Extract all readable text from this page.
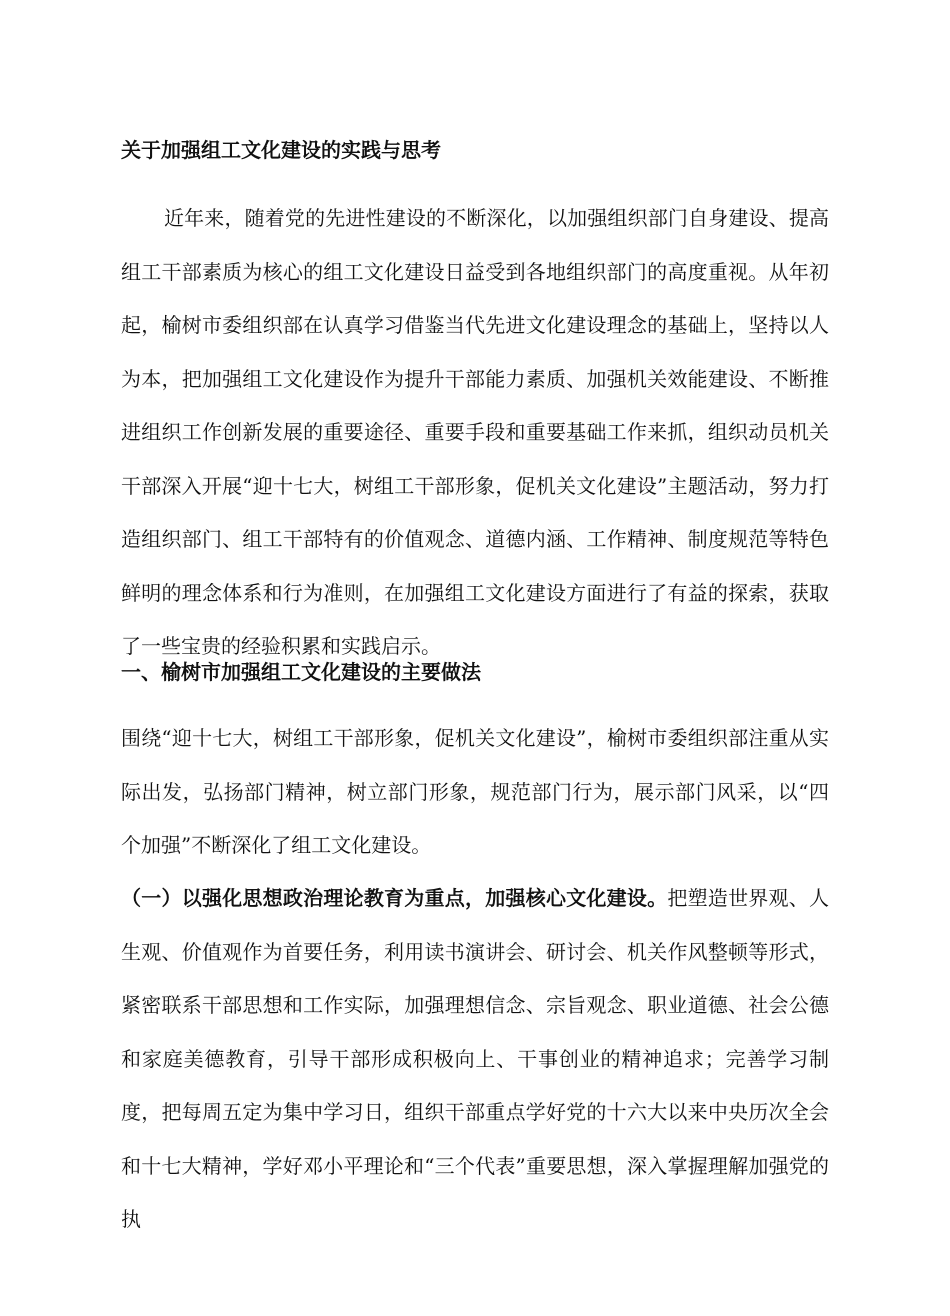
关于加强组工文化建设的实践与思考

近年来，随着党的先进性建设的不断深化，以加强组织部门自身建设、提高组工干部素质为核心的组工文化建设日益受到各地组织部门的高度重视。从年初起，榆树市委组织部在认真学习借鉴当代先进文化建设理念的基础上，坚持以人为本，把加强组工文化建设作为提升干部能力素质、加强机关效能建设、不断推进组织工作创新发展的重要途径、重要手段和重要基础工作来抓，组织动员机关干部深入开展“迎十七大，树组工干部形象，促机关文化建设”主题活动，努力打造组织部门、组工干部特有的价值观念、道德内涵、工作精神、制度规范等特色鲜明的理念体系和行为准则，在加强组工文化建设方面进行了有益的探索，获取了一些宝贵的经验积累和实践启示。

一、榆树市加强组工文化建设的主要做法

围绕“迎十七大，树组工干部形象，促机关文化建设”，榆树市委组织部注重从实际出发，弘扬部门精神，树立部门形象，规范部门行为，展示部门风采，以“四个加强”不断深化了组工文化建设。

（一）以强化思想政治理论教育为重点，加强核心文化建设。把塑造世界观、人生观、价值观作为首要任务，利用读书演讲会、研讨会、机关作风整顿等形式，紧密联系干部思想和工作实际，加强理想信念、宗旨观念、职业道德、社会公德和家庭美德教育，引导干部形成积极向上、干事创业的精神追求；完善学习制度，把每周五定为集中学习日，组织干部重点学好党的十六大以来中央历次全会和十七大精神，学好邓小平理论和“三个代表”重要思想，深入掌握理解加强党的执
